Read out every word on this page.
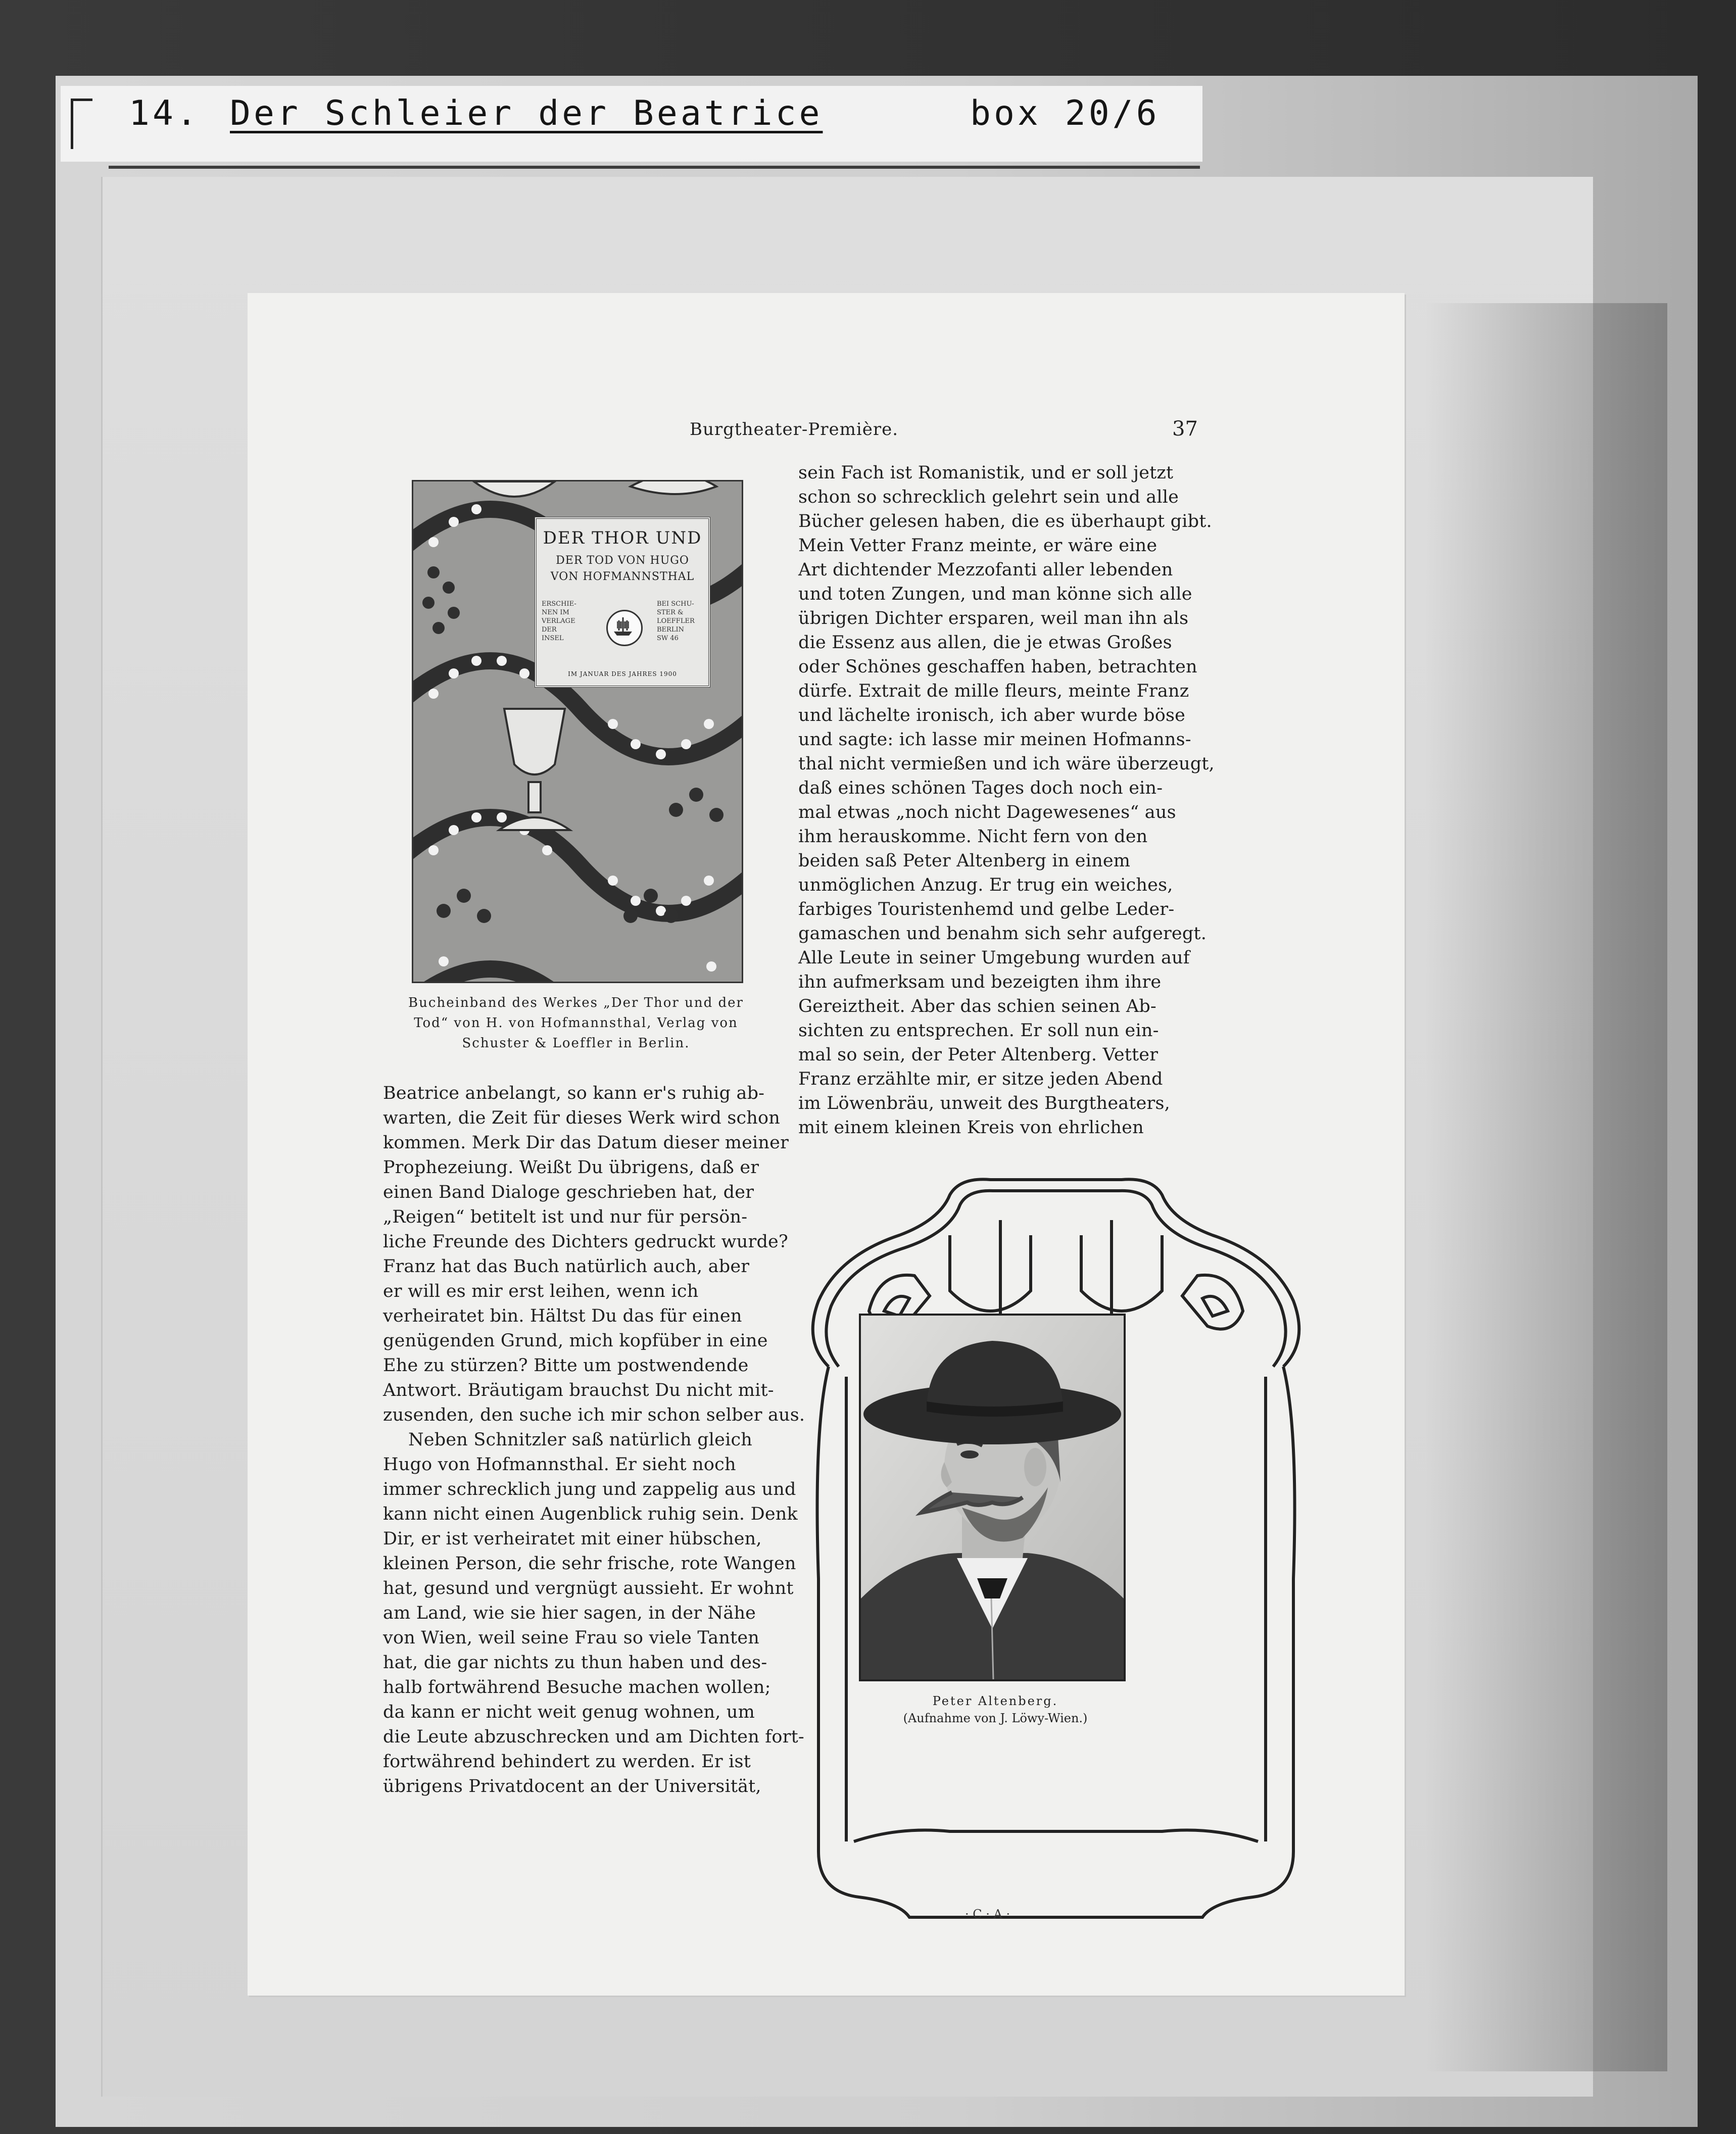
14. Der Schleier der Beatrice	box 20/6
Burgtheater-Première.	37
DER THOR UND
DER TOD VON HUGO
VON HOFMANNSTHAL
ERSCHIE-
NEN IM
VERLAGE
DER
INSEL
BEI SCHU-
STER &
LOEFFLER
BERLIN
SW 46
IM JANUAR DES JAHRES 1900
Bucheinband des Werkes „Der Thor und der
Tod“ von H. von Hofmannsthal, Verlag von
Schuster & Loeffler in Berlin.
sein Fach ist Romanistik, und er soll jetzt
schon so schrecklich gelehrt sein und alle
Bücher gelesen haben, die es überhaupt gibt.
Mein Vetter Franz meinte, er wäre eine
Art dichtender Mezzofanti aller lebenden
und toten Zungen, und man könne sich alle
übrigen Dichter ersparen, weil man ihn als
die Essenz aus allen, die je etwas Großes
oder Schönes geschaffen haben, betrachten
dürfe. Extrait de mille fleurs, meinte Franz
und lächelte ironisch, ich aber wurde böse
und sagte: ich lasse mir meinen Hofmanns-
thal nicht vermießen und ich wäre überzeugt,
daß eines schönen Tages doch noch ein-
mal etwas „noch nicht Dagewesenes“ aus
ihm herauskomme. Nicht fern von den
beiden saß Peter Altenberg in einem
unmöglichen Anzug. Er trug ein weiches,
farbiges Touristenhemd und gelbe Leder-
gamaschen und benahm sich sehr aufgeregt.
Alle Leute in seiner Umgebung wurden auf
ihn aufmerksam und bezeigten ihm ihre
Gereiztheit. Aber das schien seinen Ab-
sichten zu entsprechen. Er soll nun ein-
mal so sein, der Peter Altenberg. Vetter
Franz erzählte mir, er sitze jeden Abend
im Löwenbräu, unweit des Burgtheaters,
mit einem kleinen Kreis von ehrlichen
Beatrice anbelangt, so kann er's ruhig ab-
warten, die Zeit für dieses Werk wird schon
kommen. Merk Dir das Datum dieser meiner
Prophezeiung. Weißt Du übrigens, daß er
einen Band Dialoge geschrieben hat, der
„Reigen“ betitelt ist und nur für persön-
liche Freunde des Dichters gedruckt wurde?
Franz hat das Buch natürlich auch, aber
er will es mir erst leihen, wenn ich
verheiratet bin. Hältst Du das für einen
genügenden Grund, mich kopfüber in eine
Ehe zu stürzen? Bitte um postwendende
Antwort. Bräutigam brauchst Du nicht mit-
zusenden, den suche ich mir schon selber aus.
Neben Schnitzler saß natürlich gleich
Hugo von Hofmannsthal. Er sieht noch
immer schrecklich jung und zappelig aus und
kann nicht einen Augenblick ruhig sein. Denk
Dir, er ist verheiratet mit einer hübschen,
kleinen Person, die sehr frische, rote Wangen
hat, gesund und vergnügt aussieht. Er wohnt
am Land, wie sie hier sagen, in der Nähe
von Wien, weil seine Frau so viele Tanten
hat, die gar nichts zu thun haben und des-
halb fortwährend Besuche machen wollen;
da kann er nicht weit genug wohnen, um
die Leute abzuschrecken und am Dichten fort-
fortwährend behindert zu werden. Er ist
übrigens Privatdocent an der Universität,
Peter Altenberg.
(Aufnahme von J. Löwy-Wien.)
· C · A ·
